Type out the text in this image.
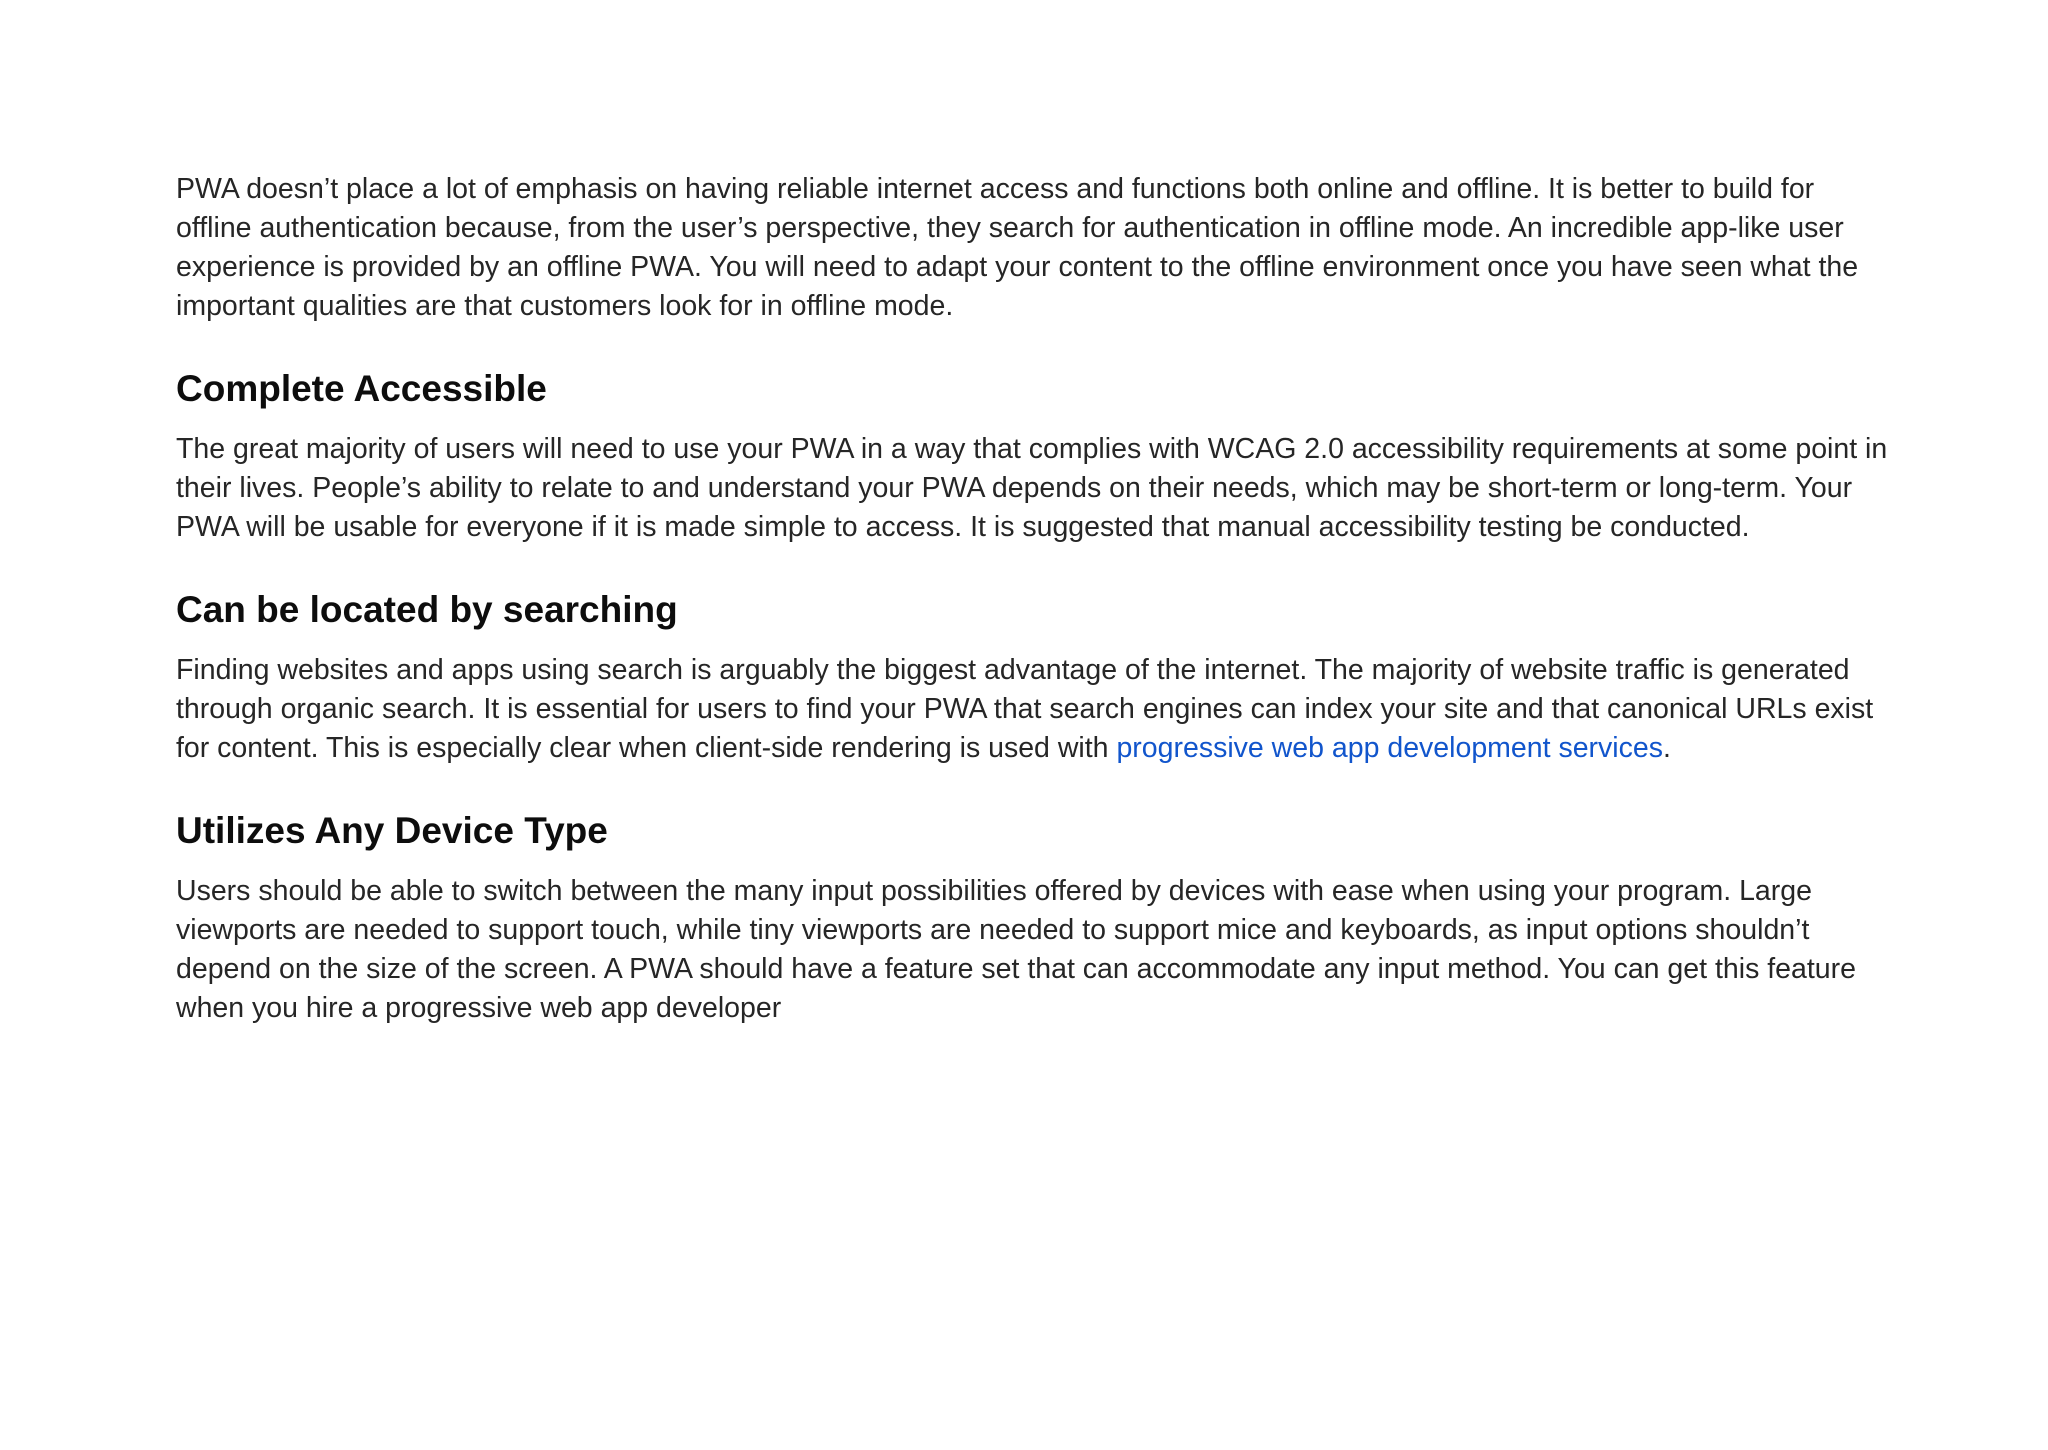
PWA doesn’t place a lot of emphasis on having reliable internet access and functions both online and offline. It is better to build for offline authentication because, from the user’s perspective, they search for authentication in offline mode. An incredible app-like user experience is provided by an offline PWA. You will need to adapt your content to the offline environment once you have seen what the important qualities are that customers look for in offline mode.

Complete Accessible

The great majority of users will need to use your PWA in a way that complies with WCAG 2.0 accessibility requirements at some point in their lives. People’s ability to relate to and understand your PWA depends on their needs, which may be short-term or long-term. Your PWA will be usable for everyone if it is made simple to access. It is suggested that manual accessibility testing be conducted.

Can be located by searching

Finding websites and apps using search is arguably the biggest advantage of the internet. The majority of website traffic is generated through organic search. It is essential for users to find your PWA that search engines can index your site and that canonical URLs exist for content. This is especially clear when client-side rendering is used with progressive web app development services.

Utilizes Any Device Type

Users should be able to switch between the many input possibilities offered by devices with ease when using your program. Large viewports are needed to support touch, while tiny viewports are needed to support mice and keyboards, as input options shouldn’t depend on the size of the screen. A PWA should have a feature set that can accommodate any input method. You can get this feature when you hire a progressive web app developer
